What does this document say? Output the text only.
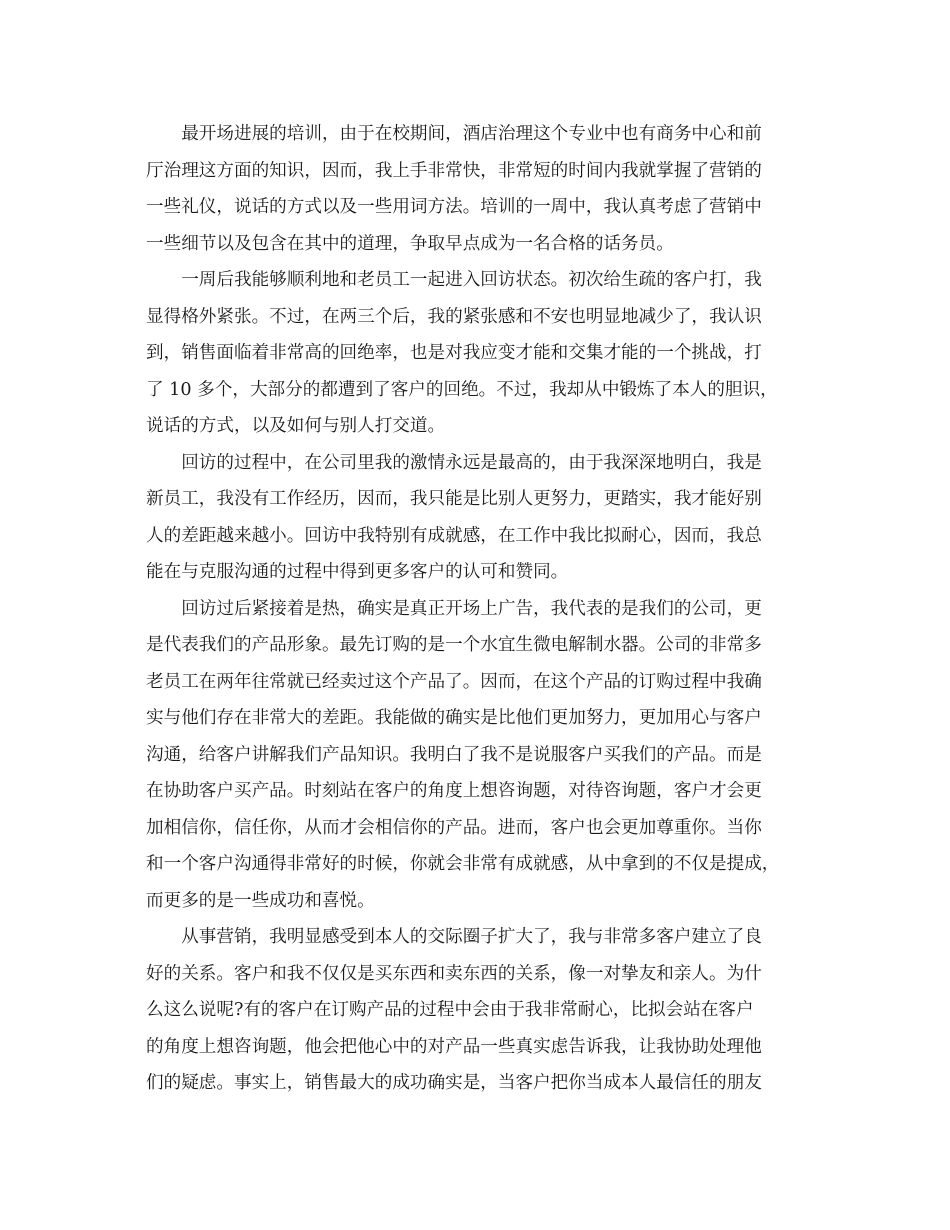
　　最开场进展的培训，由于在校期间，酒店治理这个专业中也有商务中心和前
厅治理这方面的知识，因而，我上手非常快，非常短的时间内我就掌握了营销的
一些礼仪，说话的方式以及一些用词方法。培训的一周中，我认真考虑了营销中
一些细节以及包含在其中的道理，争取早点成为一名合格的话务员。
　　一周后我能够顺利地和老员工一起进入回访状态。初次给生疏的客户打，我
显得格外紧张。不过，在两三个后，我的紧张感和不安也明显地减少了，我认识
到，销售面临着非常高的回绝率，也是对我应变才能和交集才能的一个挑战，打
了 10 多个，大部分的都遭到了客户的回绝。不过，我却从中锻炼了本人的胆识，
说话的方式，以及如何与别人打交道。
　　回访的过程中，在公司里我的激情永远是最高的，由于我深深地明白，我是
新员工，我没有工作经历，因而，我只能是比别人更努力，更踏实，我才能好别
人的差距越来越小。回访中我特别有成就感，在工作中我比拟耐心，因而，我总
能在与克服沟通的过程中得到更多客户的认可和赞同。
　　回访过后紧接着是热，确实是真正开场上广告，我代表的是我们的公司，更
是代表我们的产品形象。最先订购的是一个水宜生微电解制水器。公司的非常多
老员工在两年往常就已经卖过这个产品了。因而，在这个产品的订购过程中我确
实与他们存在非常大的差距。我能做的确实是比他们更加努力，更加用心与客户
沟通，给客户讲解我们产品知识。我明白了我不是说服客户买我们的产品。而是
在协助客户买产品。时刻站在客户的角度上想咨询题，对待咨询题，客户才会更
加相信你，信任你，从而才会相信你的产品。进而，客户也会更加尊重你。当你
和一个客户沟通得非常好的时候，你就会非常有成就感，从中拿到的不仅是提成，
而更多的是一些成功和喜悦。
　　从事营销，我明显感受到本人的交际圈子扩大了，我与非常多客户建立了良
好的关系。客户和我不仅仅是买东西和卖东西的关系，像一对挚友和亲人。为什
么这么说呢?有的客户在订购产品的过程中会由于我非常耐心，比拟会站在客户
的角度上想咨询题，他会把他心中的对产品一些真实虑告诉我，让我协助处理他
们的疑虑。事实上，销售最大的成功确实是，当客户把你当成本人最信任的朋友
